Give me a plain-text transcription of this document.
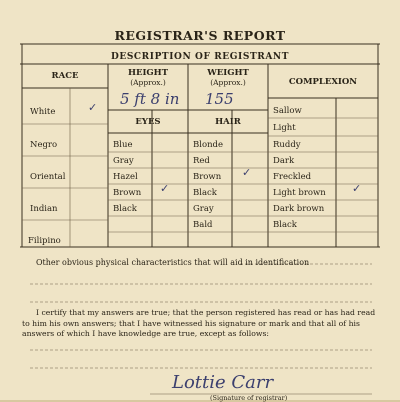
REGISTRAR'S REPORT
DESCRIPTION OF REGISTRANT
RACE
White	✓
Negro
Oriental
Indian
Filipino
HEIGHT
(Approx.)
5 ft 8 in
WEIGHT
(Approx.)
155
COMPLEXION
Sallow
Light
Ruddy
Dark
Freckled
Light brown ✓
Dark brown
Black
EYES
Blue
Gray
Hazel
Brown ✓
Black
HAIR
Blonde
Red
Brown ✓
Black
Gray
Bald
Other obvious physical characteristics that will aid in identification
I certify that my answers are true; that the person registered has read or has had read to him his own answers; that I have witnessed his signature or mark and that all of his answers of which I have knowledge are true, except as follows:
Lottie Carr
(Signature of registrar)
